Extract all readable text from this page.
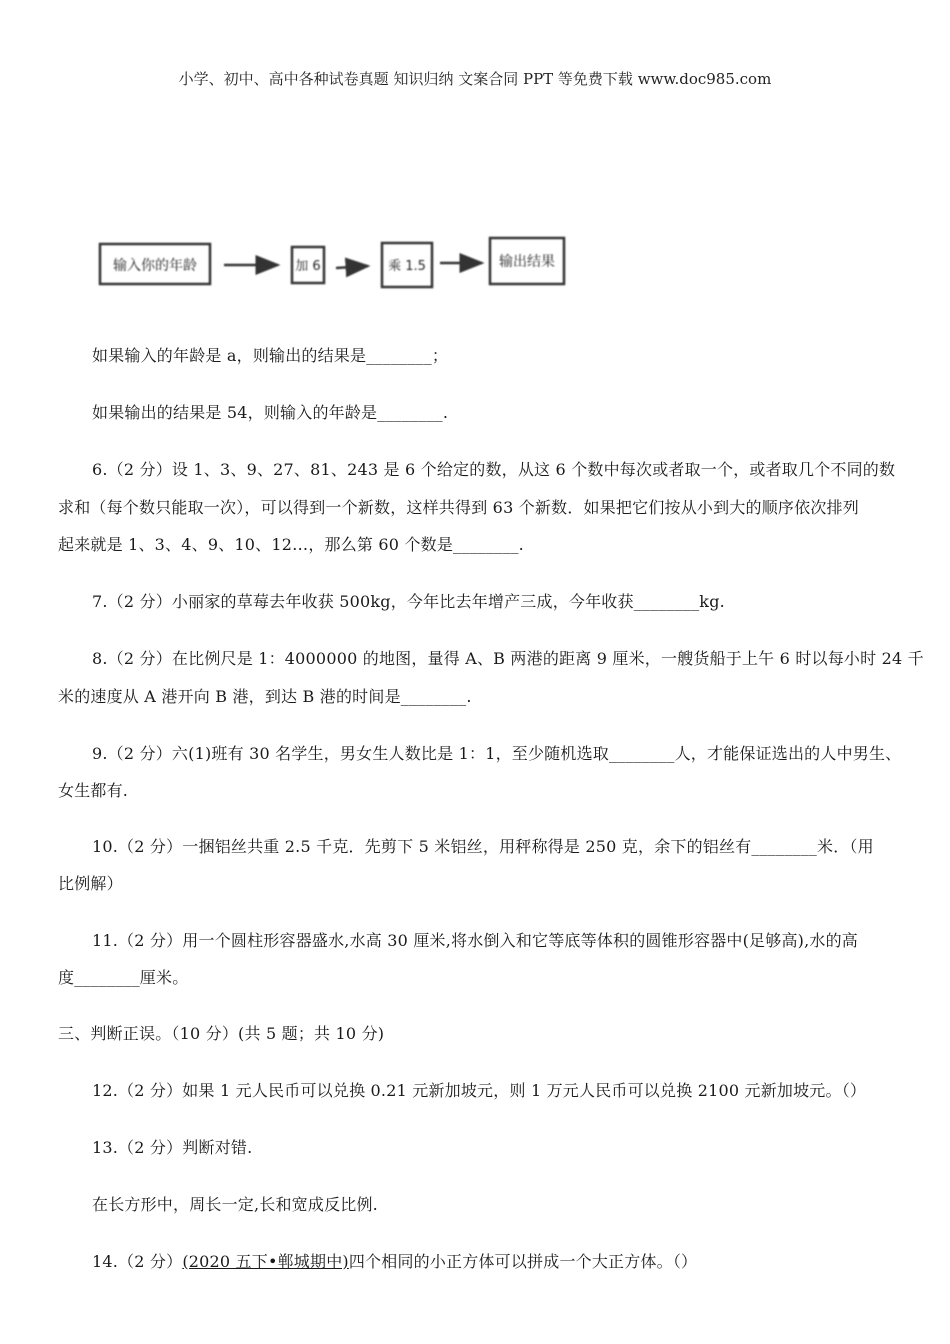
小学、初中、高中各种试卷真题 知识归纳 文案合同 PPT 等免费下载 www.doc985.com
输入你的年龄	加 6	乘 1.5	输出结果
如果输入的年龄是 a，则输出的结果是________；
如果输出的结果是 54，则输入的年龄是________.
6.（2 分）设 1、3、9、27、81、243 是 6 个给定的数，从这 6 个数中每次或者取一个，或者取几个不同的数
求和（每个数只能取一次），可以得到一个新数，这样共得到 63 个新数．如果把它们按从小到大的顺序依次排列
起来就是 1、3、4、9、10、12…，那么第 60 个数是________.
7.（2 分）小丽家的草莓去年收获 500kg，今年比去年增产三成，今年收获________kg.
8.（2 分）在比例尺是 1：4000000 的地图，量得 A、B 两港的距离 9 厘米，一艘货船于上午 6 时以每小时 24 千
米的速度从 A 港开向 B 港，到达 B 港的时间是________.
9.（2 分）六(1)班有 30 名学生，男女生人数比是 1：1，至少随机选取________人，才能保证选出的人中男生、
女生都有.
10.（2 分）一捆铝丝共重 2.5 千克．先剪下 5 米铝丝，用秤称得是 250 克，余下的铝丝有________米．（用
比例解）
11.（2 分）用一个圆柱形容器盛水,水高 30 厘米,将水倒入和它等底等体积的圆锥形容器中(足够高),水的高
度________厘米。
三、判断正误。（10 分）(共 5 题；共 10 分)
12.（2 分）如果 1 元人民币可以兑换 0.21 元新加坡元，则 1 万元人民币可以兑换 2100 元新加坡元。（）
13.（2 分）判断对错.
在长方形中，周长一定,长和宽成反比例.
14.（2 分）(2020 五下•郸城期中)四个相同的小正方体可以拼成一个大正方体。（）
